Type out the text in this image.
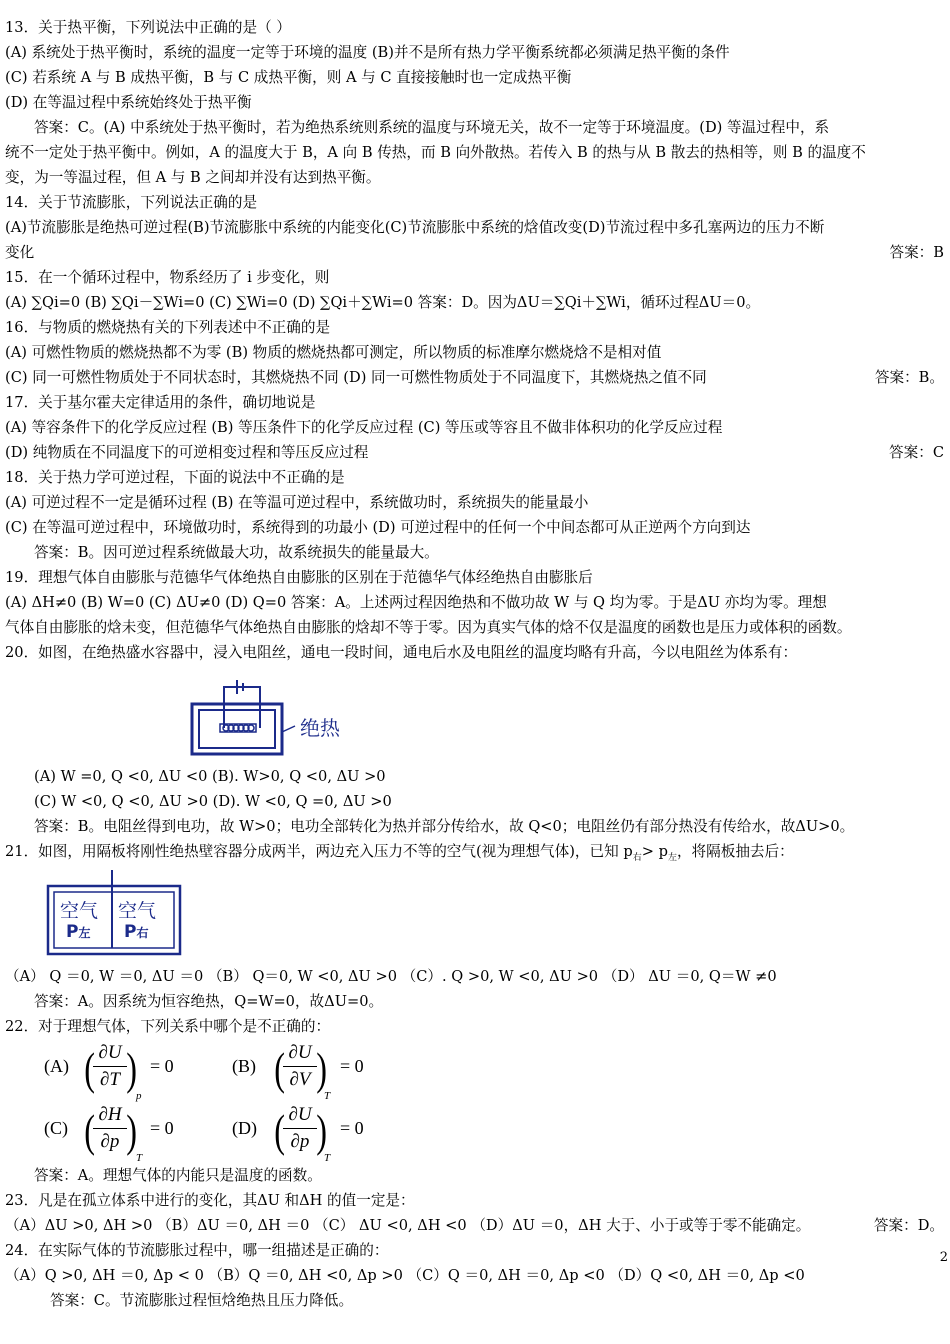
13．关于热平衡，下列说法中正确的是（ ）
(A) 系统处于热平衡时，系统的温度一定等于环境的温度 (B)并不是所有热力学平衡系统都必须满足热平衡的条件
(C) 若系统 A 与 B 成热平衡，B 与 C 成热平衡，则 A 与 C 直接接触时也一定成热平衡
(D) 在等温过程中系统始终处于热平衡
答案：C。(A) 中系统处于热平衡时，若为绝热系统则系统的温度与环境无关，故不一定等于环境温度。(D) 等温过程中，系
统不一定处于热平衡中。例如，A 的温度大于 B，A 向 B 传热，而 B 向外散热。若传入 B 的热与从 B 散去的热相等，则 B 的温度不
变，为一等温过程，但 A 与 B 之间却并没有达到热平衡。
14．关于节流膨胀，下列说法正确的是
(A)节流膨胀是绝热可逆过程(B)节流膨胀中系统的内能变化(C)节流膨胀中系统的焓值改变(D)节流过程中多孔塞两边的压力不断
变化	答案：B
15．在一个循环过程中，物系经历了 i 步变化，则
(A) ∑Qi=0 (B) ∑Qi－∑Wi=0 (C) ∑Wi=0 (D) ∑Qi＋∑Wi=0 答案：D。因为ΔU＝∑Qi＋∑Wi，循环过程ΔU＝0。
16．与物质的燃烧热有关的下列表述中不正确的是
(A) 可燃性物质的燃烧热都不为零 (B) 物质的燃烧热都可测定，所以物质的标准摩尔燃烧焓不是相对值
(C) 同一可燃性物质处于不同状态时，其燃烧热不同 (D) 同一可燃性物质处于不同温度下，其燃烧热之值不同	答案：B。
17．关于基尔霍夫定律适用的条件，确切地说是
(A) 等容条件下的化学反应过程 (B) 等压条件下的化学反应过程 (C) 等压或等容且不做非体积功的化学反应过程
(D) 纯物质在不同温度下的可逆相变过程和等压反应过程	答案：C
18．关于热力学可逆过程，下面的说法中不正确的是
(A) 可逆过程不一定是循环过程 (B) 在等温可逆过程中，系统做功时，系统损失的能量最小
(C) 在等温可逆过程中，环境做功时，系统得到的功最小 (D) 可逆过程中的任何一个中间态都可从正逆两个方向到达
答案：B。因可逆过程系统做最大功，故系统损失的能量最大。
19．理想气体自由膨胀与范德华气体绝热自由膨胀的区别在于范德华气体经绝热自由膨胀后
(A) ΔH≠0 (B) W=0 (C) ΔU≠0 (D) Q=0 答案：A。上述两过程因绝热和不做功故 W 与 Q 均为零。于是ΔU 亦均为零。理想
气体自由膨胀的焓未变，但范德华气体绝热自由膨胀的焓却不等于零。因为真实气体的焓不仅是温度的函数也是压力或体积的函数。
20．如图，在绝热盛水容器中，浸入电阻丝，通电一段时间，通电后水及电阻丝的温度均略有升高，今以电阻丝为体系有：
绝热
(A) W =0, Q <0, ΔU <0 (B). W>0, Q <0, ΔU >0
(C) W <0, Q <0, ΔU >0 (D). W <0, Q =0, ΔU >0
答案：B。电阻丝得到电功，故 W>0；电功全部转化为热并部分传给水，故 Q<0；电阻丝仍有部分热没有传给水，故ΔU>0。
21．如图，用隔板将刚性绝热壁容器分成两半，两边充入压力不等的空气(视为理想气体)，已知 $p_右> p_左$，将隔板抽去后：
空气
P左
空气
P右
（A） Q ＝0, W ＝0, ΔU ＝0 （B） Q＝0, W <0, ΔU >0 （C）. Q >0, W <0, ΔU >0 （D） ΔU ＝0, Q＝W ≠0
答案：A。因系统为恒容绝热，Q=W=0，故ΔU=0。
22．对于理想气体，下列关系中哪个是不正确的：
(A) ( ∂U
∂T )
p
= 0	(B) ( ∂U
∂V )
T
= 0
(C) ( ∂H
∂p )
T
= 0	(D) ( ∂U
∂p )
T
= 0
答案：A。理想气体的内能只是温度的函数。
23．凡是在孤立体系中进行的变化，其ΔU 和ΔH 的值一定是：
（A）ΔU >0, ΔH >0 （B）ΔU ＝0, ΔH ＝0 （C） ΔU <0, ΔH <0 （D）ΔU ＝0，ΔH 大于、小于或等于零不能确定。	答案：D。
24．在实际气体的节流膨胀过程中，哪一组描述是正确的：	2
（A）Q >0, ΔH ＝0, Δp < 0 （B）Q ＝0, ΔH <0, Δp >0 （C）Q ＝0, ΔH ＝0, Δp <0 （D）Q <0, ΔH ＝0, Δp <0
答案：C。节流膨胀过程恒焓绝热且压力降低。
